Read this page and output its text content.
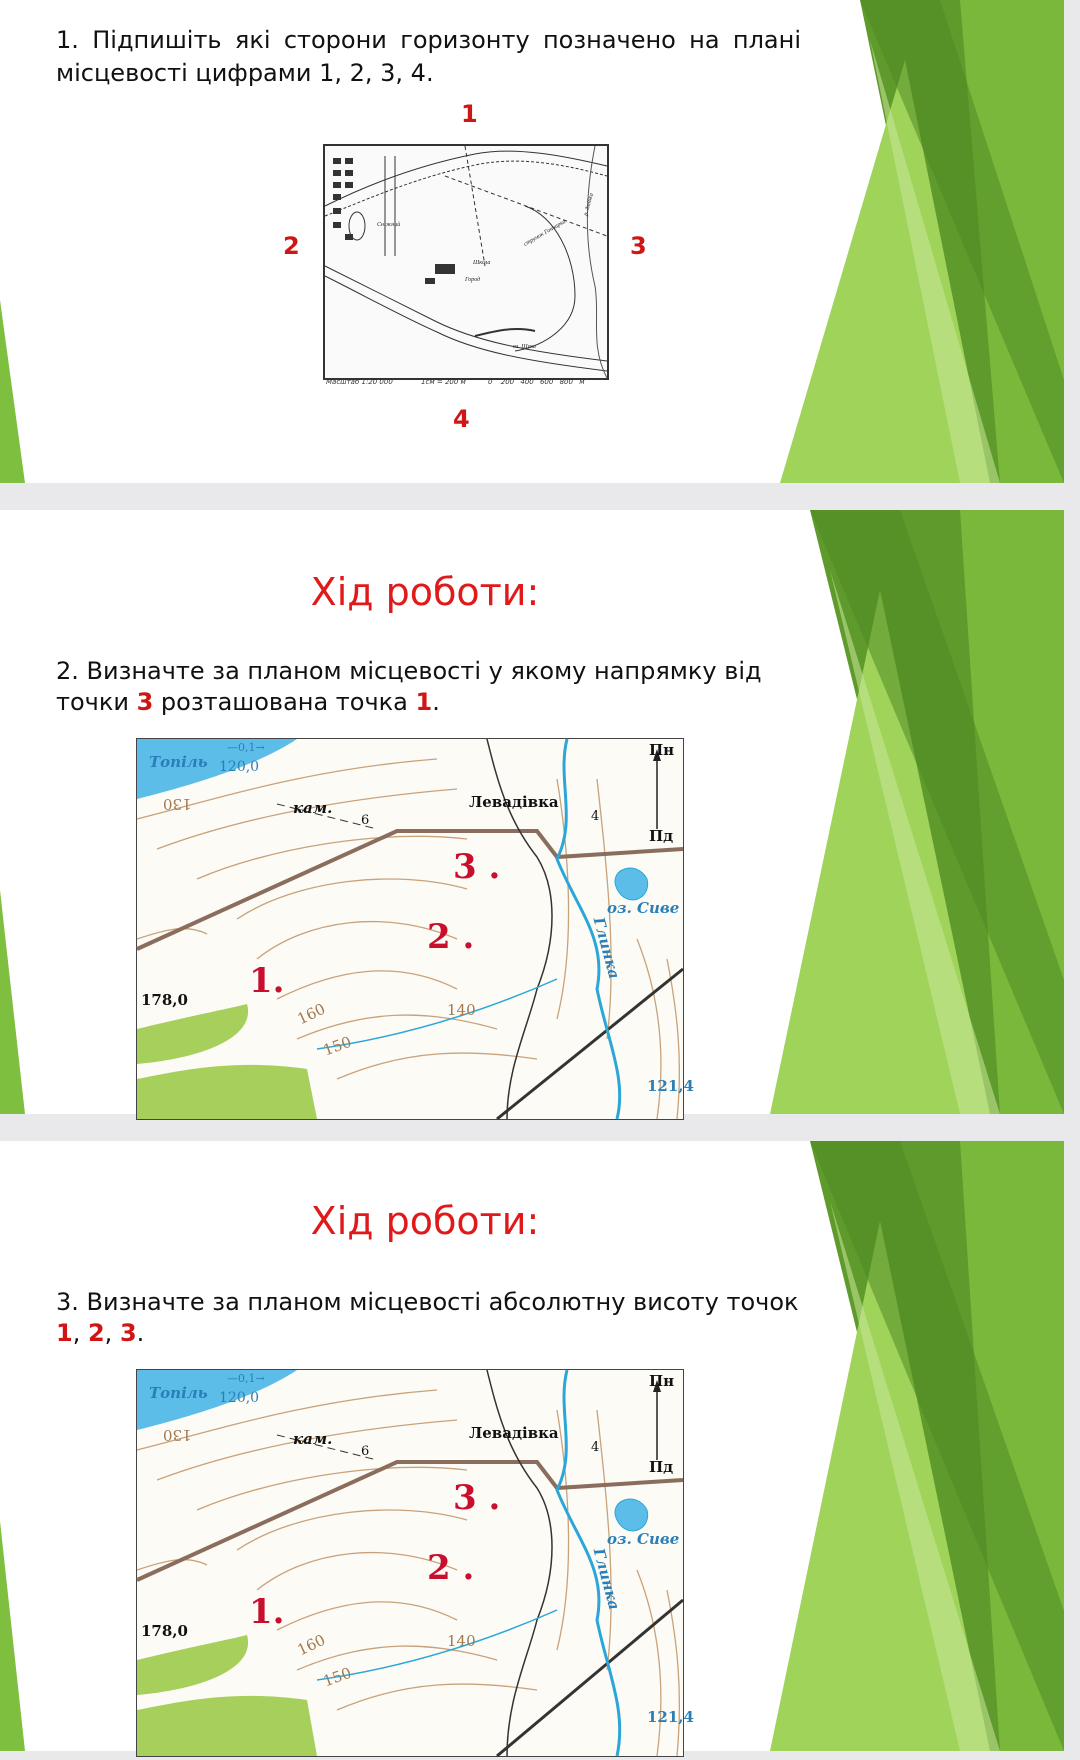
1. Підпишіть які сторони горизонту позначено на плані місцевості цифрами 1, 2, 3, 4.
1
2	3
4
Сніжний
Школа
Город
оз. Щука
струмок Гончарка
р. Змійка
Масштаб 1:20 000	1см = 200 м	0 200 400 600 800 м
Хід роботи:
2. Визначте за планом місцевості у якому напрямку від точки 3 розташована точка 1.
Топіль
—0,1→
120,0
130	кам.
6
Левадівка
4
Пн
Пд
оз. Сиве
Глинка
3 .
2 .
1.
178,0	160
150
140
121,4
Хід роботи:
3. Визначте за планом місцевості абсолютну висоту точок 1, 2, 3.
Топіль
—0,1→
120,0
130	кам.
6
Левадівка
4
Пн
Пд
оз. Сиве
Глинка
3 .
2 .
1.
178,0	160
150
140
121,4
